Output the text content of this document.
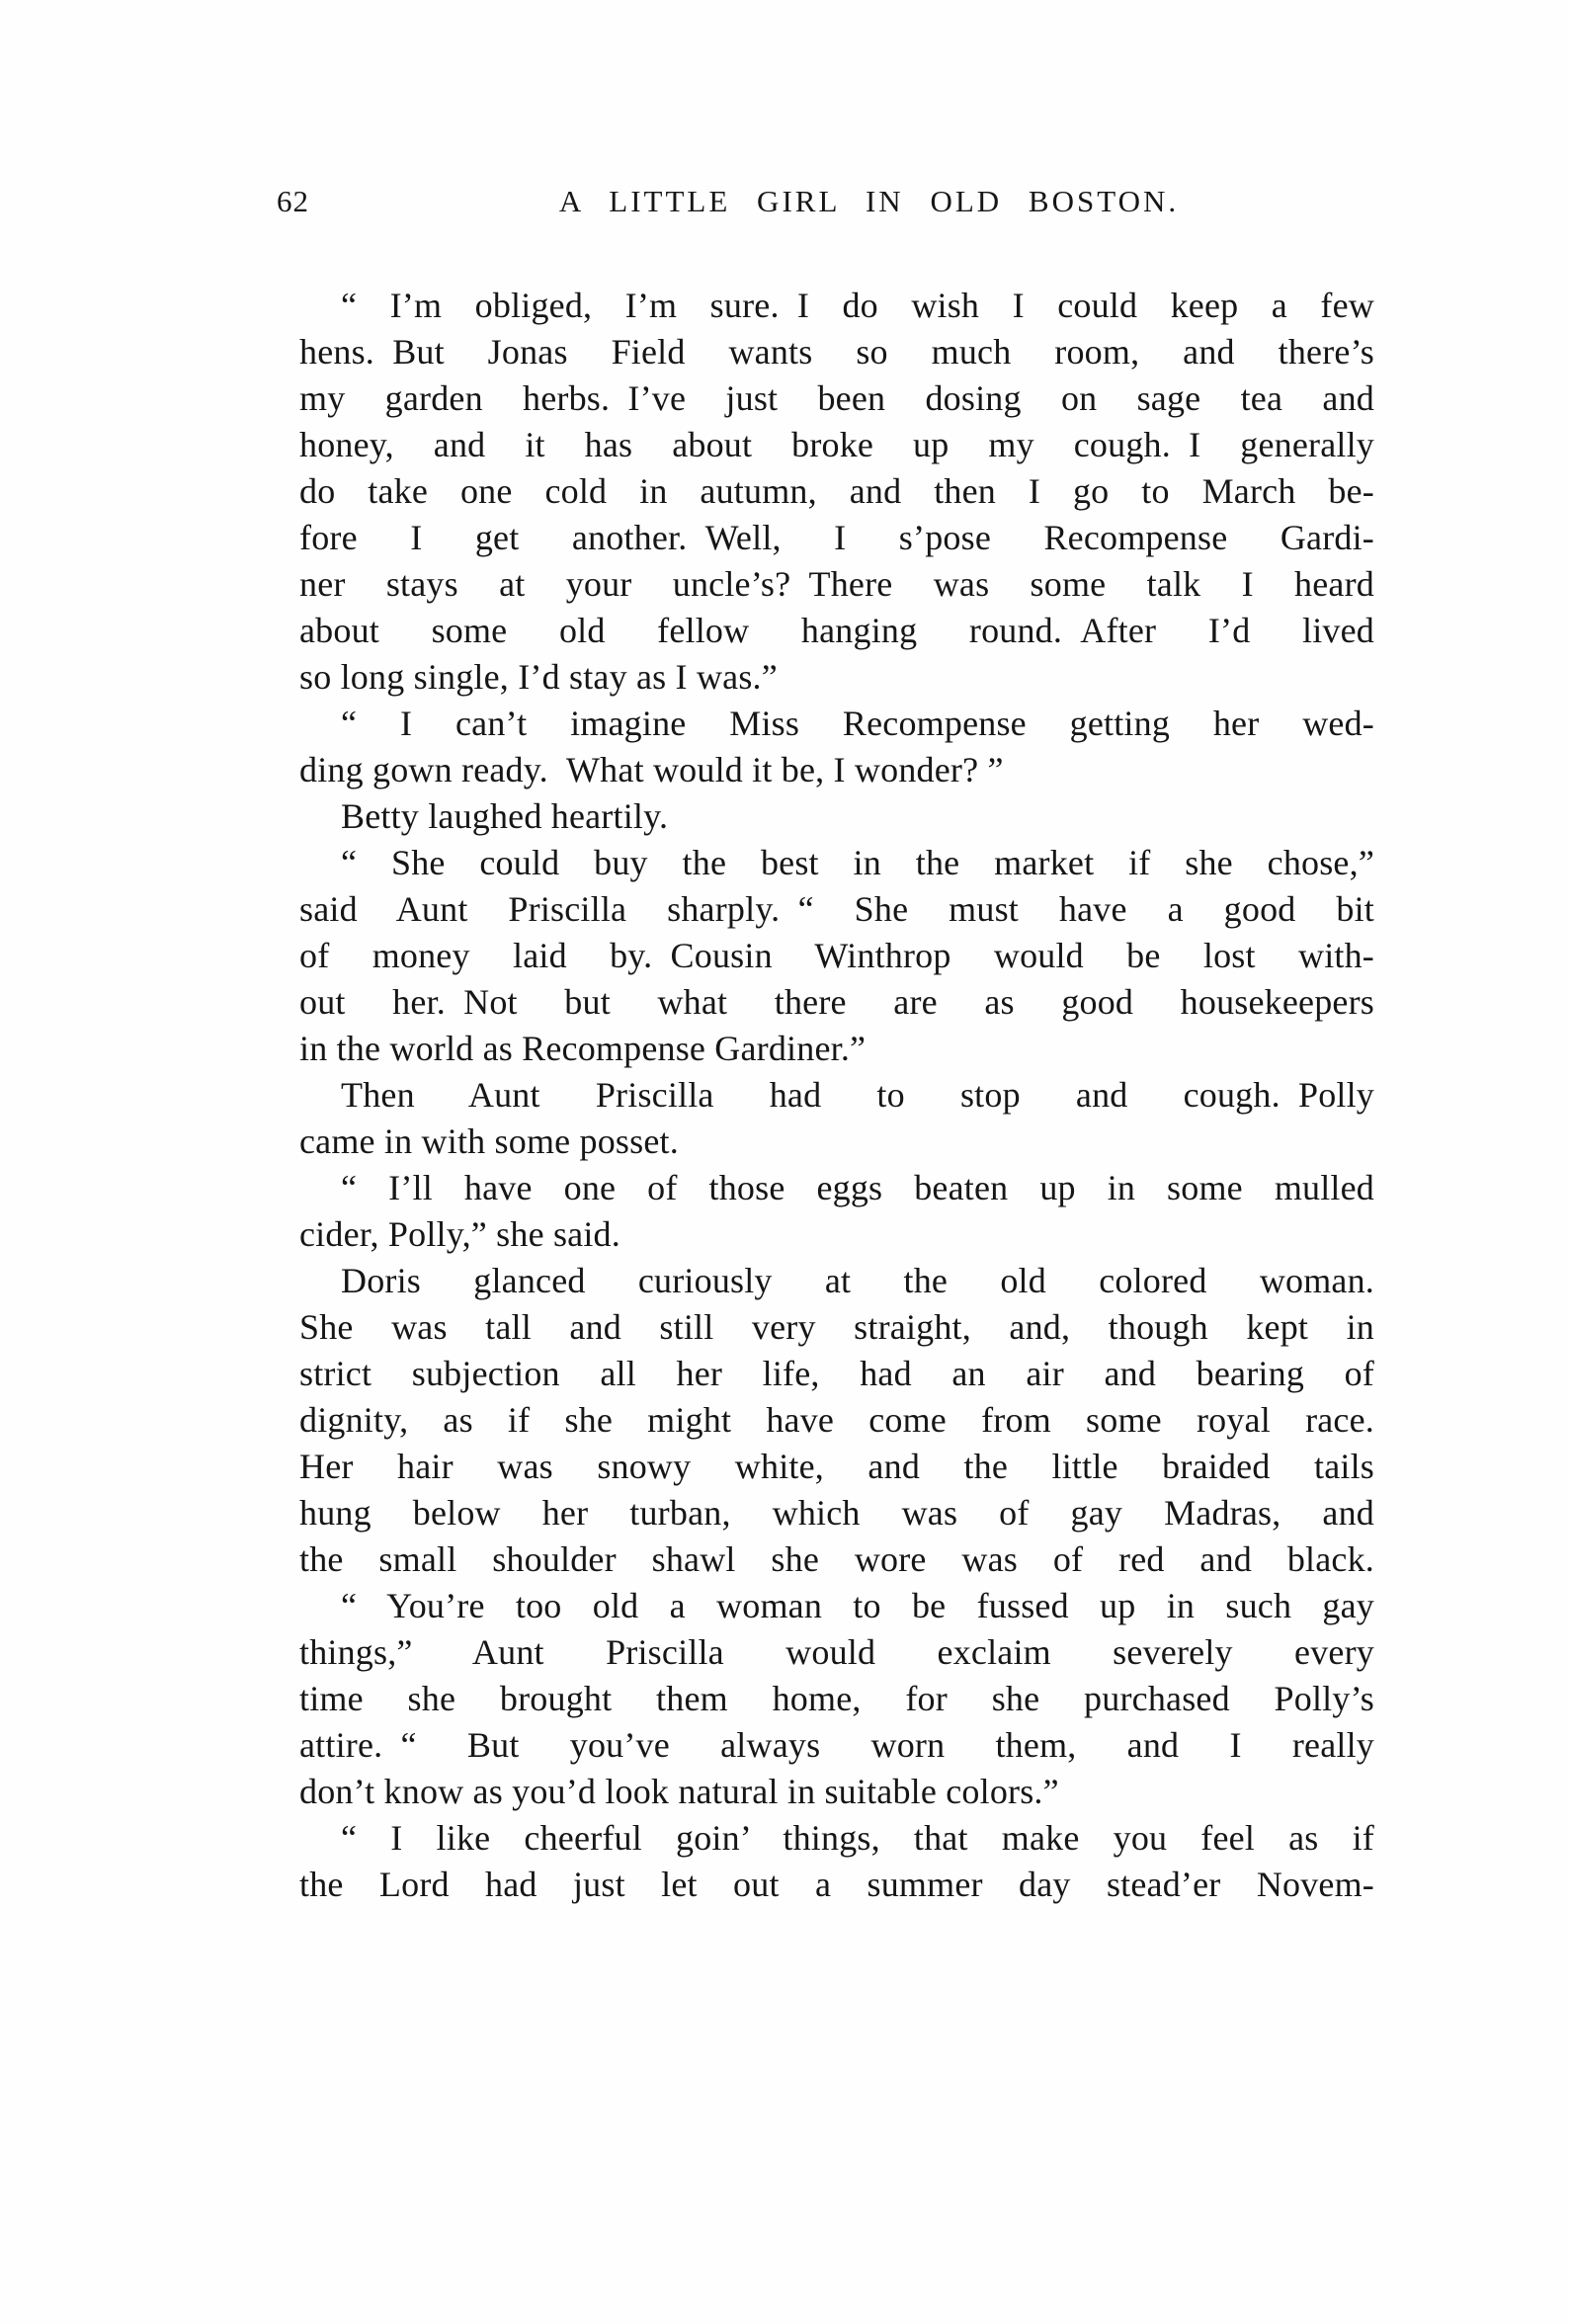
62	A LITTLE GIRL IN OLD BOSTON.
“ I’m obliged, I’m sure. I do wish I could keep a few
hens. But Jonas Field wants so much room, and there’s
my garden herbs. I’ve just been dosing on sage tea and
honey, and it has about broke up my cough. I generally
do take one cold in autumn, and then I go to March be-
fore I get another. Well, I s’pose Recompense Gardi-
ner stays at your uncle’s? There was some talk I heard
about some old fellow hanging round. After I’d lived
so long single, I’d stay as I was.”
“ I can’t imagine Miss Recompense getting her wed-
ding gown ready. What would it be, I wonder? ”
Betty laughed heartily.
“ She could buy the best in the market if she chose,”
said Aunt Priscilla sharply. “ She must have a good bit
of money laid by. Cousin Winthrop would be lost with-
out her. Not but what there are as good housekeepers
in the world as Recompense Gardiner.”
Then Aunt Priscilla had to stop and cough. Polly
came in with some posset.
“ I’ll have one of those eggs beaten up in some mulled
cider, Polly,” she said.
Doris glanced curiously at the old colored woman.
She was tall and still very straight, and, though kept in
strict subjection all her life, had an air and bearing of
dignity, as if she might have come from some royal race.
Her hair was snowy white, and the little braided tails
hung below her turban, which was of gay Madras, and
the small shoulder shawl she wore was of red and black.
“ You’re too old a woman to be fussed up in such gay
things,” Aunt Priscilla would exclaim severely every
time she brought them home, for she purchased Polly’s
attire. “ But you’ve always worn them, and I really
don’t know as you’d look natural in suitable colors.”
“ I like cheerful goin’ things, that make you feel as if
the Lord had just let out a summer day stead’er Novem-
